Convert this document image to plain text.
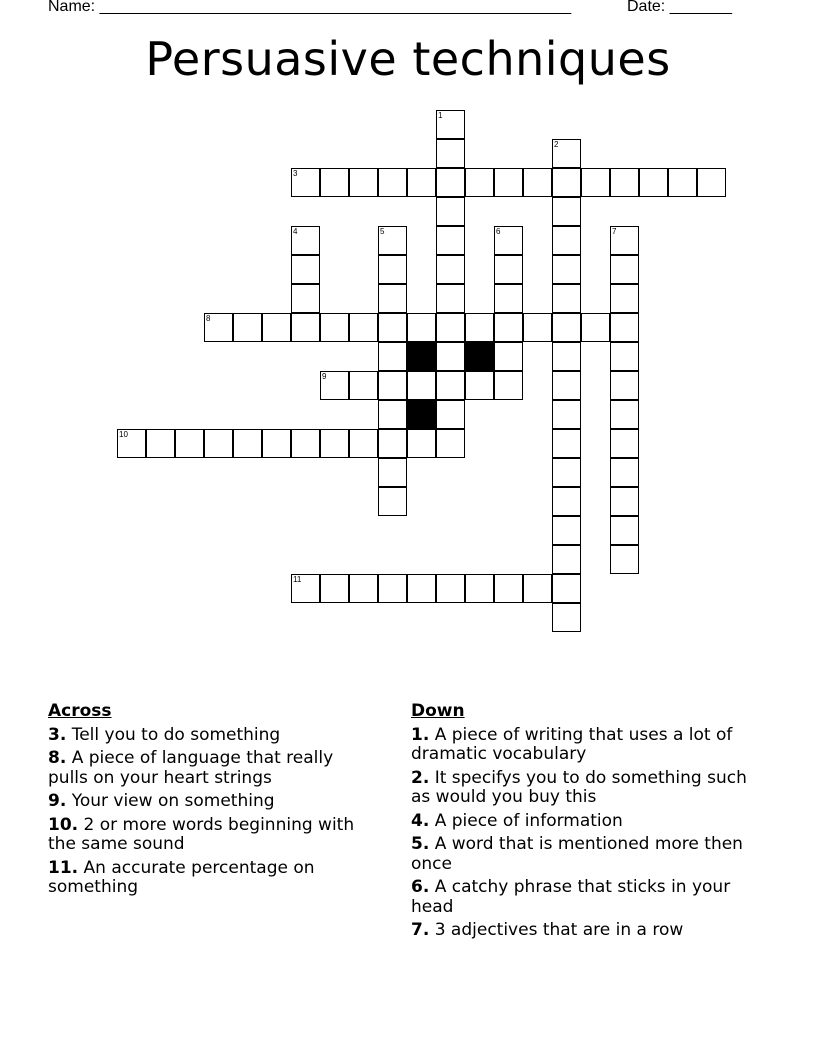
Name: _____________________________________________________	Date: _______
Persuasive techniques
1
2
3
4	5	6	7
8
9
10
11
Across
3. Tell you to do something
8. A piece of language that really pulls on your heart strings
9. Your view on something
10. 2 or more words beginning with the same sound
11. An accurate percentage on something
Down
1. A piece of writing that uses a lot of dramatic vocabulary
2. It specifys you to do something such as would you buy this
4. A piece of information
5. A word that is mentioned more then once
6. A catchy phrase that sticks in your head
7. 3 adjectives that are in a row
